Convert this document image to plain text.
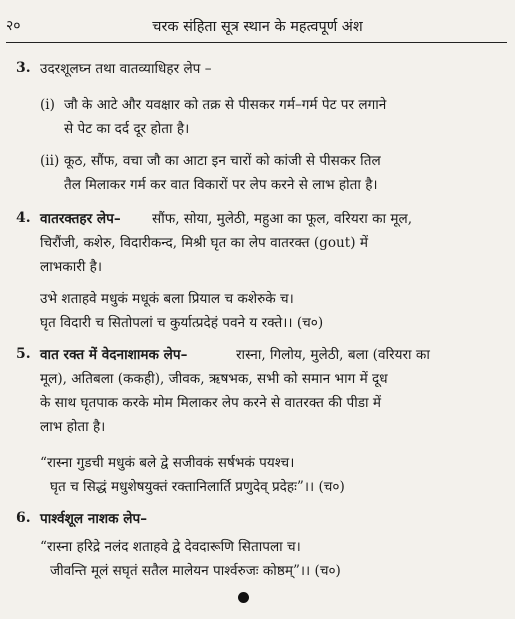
२०	चरक संहिता सूत्र स्थान के महत्वपूर्ण अंश
3. उदरशूलघ्न तथा वातव्याधिहर लेप –
(i) जौ के आटे और यवक्षार को तक्र से पीसकर गर्म–गर्म पेट पर लगाने
से पेट का दर्द दूर होता है।
(ii) कूठ, सौंफ, वचा जौ का आटा इन चारों को कांजी से पीसकर तिल
तैल मिलाकर गर्म कर वात विकारों पर लेप करने से लाभ होता है।
4. वातरक्तहर लेप– सौंफ, सोया, मुलेठी, महुआ का फूल, वरियरा का मूल,
चिरौंजी, कशेरु, विदारीकन्द, मिश्री घृत का लेप वातरक्त (gout) में
लाभकारी है।
उभे शताहवे मधुकं मधूकं बला प्रियाल च कशेरुके च।
घृत विदारी च सितोपलां च कुर्यात्प्रदेहं पवने य रक्ते।। (च०)
5. वात रक्त में वेदनाशामक लेप–	रास्ना, गिलोय, मुलेठी, बला (वरियरा का
मूल), अतिबला (ककही), जीवक, ऋषभक, सभी को समान भाग में दूध
के साथ घृतपाक करके मोम मिलाकर लेप करने से वातरक्त की पीडा में
लाभ होता है।
“रास्ना गुडची मधुकं बले द्वे सजीवकं सर्षभकं पयश्च।
घृत च सिद्धं मधुशेषयुक्तं रक्तानिलार्ति प्रणुदेव् प्रदेहः”।। (च०)
6. पार्श्वशूल नाशक लेप–
“रास्ना हरिद्रे नलंद शताहवे द्वे देवदारूणि सितापला च।
जीवन्ति मूलं सघृतं सतैल मालेयन पार्श्वरुजः कोष्ठम्”।। (च०)
